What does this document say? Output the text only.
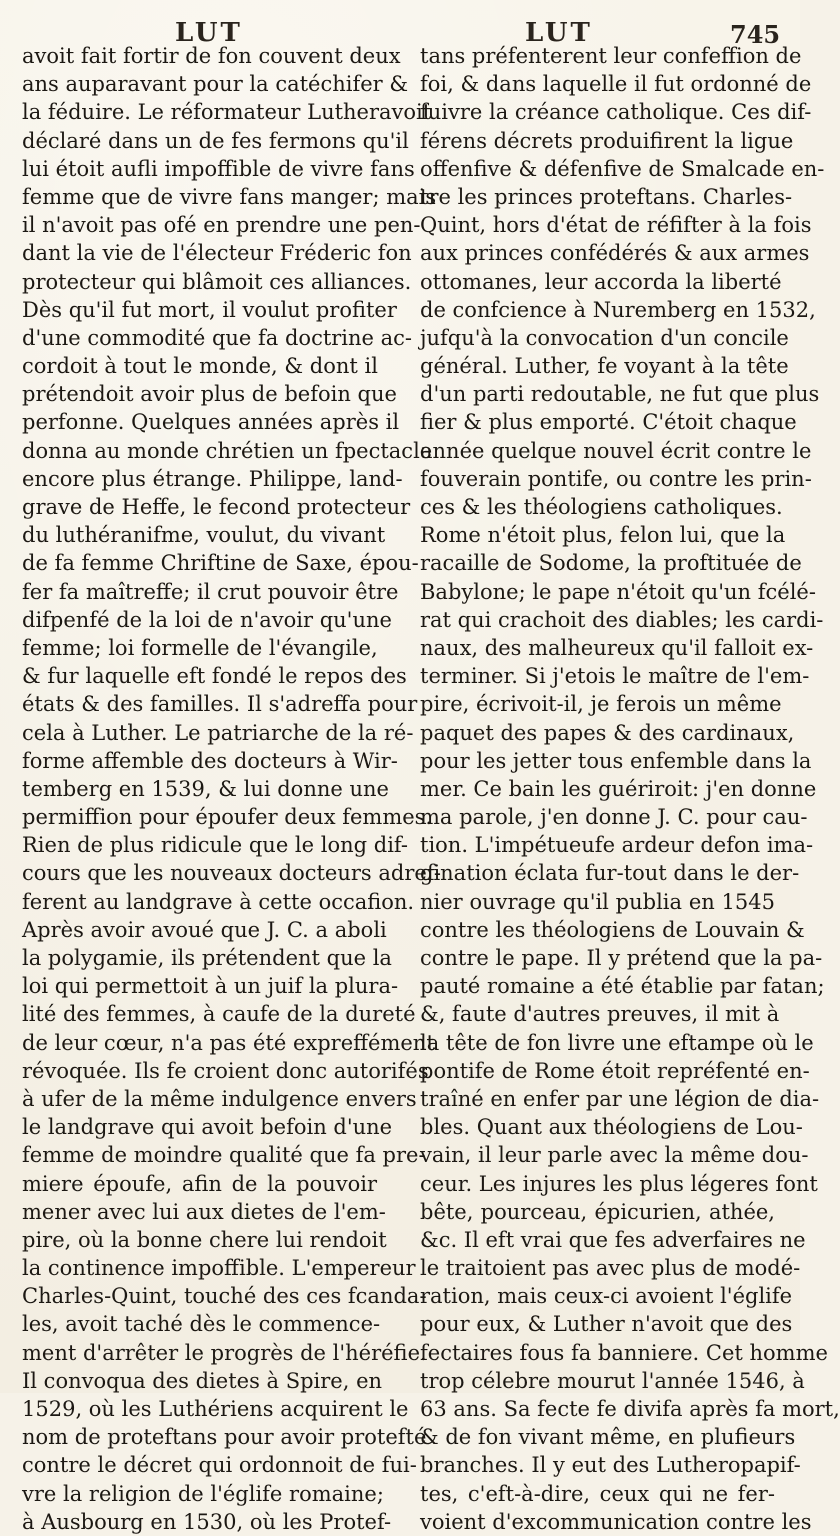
LUT	LUT	745
avoit fait fortir de fon couvent deux
ans auparavant pour la catéchifer &
la féduire. Le réformateur Lutheravoit
déclaré dans un de fes fermons qu'il
lui étoit aufli impoffible de vivre fans
femme que de vivre fans manger; mais
il n'avoit pas ofé en prendre une pen-
dant la vie de l'électeur Fréderic fon
protecteur qui blâmoit ces alliances.
Dès qu'il fut mort, il voulut profiter
d'une commodité que fa doctrine ac-
cordoit à tout le monde, & dont il
prétendoit avoir plus de befoin que
perfonne. Quelques années après il
donna au monde chrétien un fpectacle
encore plus étrange. Philippe, land-
grave de Heffe, le fecond protecteur
du luthéranifme, voulut, du vivant
de fa femme Chriftine de Saxe, épou-
fer fa maîtreffe; il crut pouvoir être
difpenfé de la loi de n'avoir qu'une
femme; loi formelle de l'évangile,
& fur laquelle eft fondé le repos des
états & des familles. Il s'adreffa pour
cela à Luther. Le patriarche de la ré-
forme affemble des docteurs à Wir-
temberg en 1539, & lui donne une
permiffion pour époufer deux femmes.
Rien de plus ridicule que le long dif-
cours que les nouveaux docteurs adref-
ferent au landgrave à cette occafion.
Après avoir avoué que J. C. a aboli
la polygamie, ils prétendent que la
loi qui permettoit à un juif la plura-
lité des femmes, à caufe de la dureté
de leur cœur, n'a pas été expreffément
révoquée. Ils fe croient donc autorifés
à ufer de la même indulgence envers
le landgrave qui avoit befoin d'une
femme de moindre qualité que fa pre-
miere époufe, afin de la pouvoir
mener avec lui aux dietes de l'em-
pire, où la bonne chere lui rendoit
la continence impoffible. L'empereur
Charles-Quint, touché des ces fcanda-
les, avoit taché dès le commence-
ment d'arrêter le progrès de l'héréfie.
Il convoqua des dietes à Spire, en
1529, où les Luthériens acquirent le
nom de proteftans pour avoir protefté
contre le décret qui ordonnoit de fui-
vre la religion de l'églife romaine;
à Ausbourg en 1530, où les Protef-
tans préfenterent leur confeffion de
foi, & dans laquelle il fut ordonné de
fuivre la créance catholique. Ces dif-
férens décrets produifirent la ligue
offenfive & défenfive de Smalcade en-
tre les princes proteftans. Charles-
Quint, hors d'état de réfifter à la fois
aux princes confédérés & aux armes
ottomanes, leur accorda la liberté
de confcience à Nuremberg en 1532,
jufqu'à la convocation d'un concile
général. Luther, fe voyant à la tête
d'un parti redoutable, ne fut que plus
fier & plus emporté. C'étoit chaque
année quelque nouvel écrit contre le
fouverain pontife, ou contre les prin-
ces & les théologiens catholiques.
Rome n'étoit plus, felon lui, que la
racaille de Sodome, la proftituée de
Babylone; le pape n'étoit qu'un fcélé-
rat qui crachoit des diables; les cardi-
naux, des malheureux qu'il falloit ex-
terminer. Si j'etois le maître de l'em-
pire, écrivoit-il, je ferois un même
paquet des papes & des cardinaux,
pour les jetter tous enfemble dans la
mer. Ce bain les guériroit: j'en donne
ma parole, j'en donne J. C. pour cau-
tion. L'impétueufe ardeur defon ima-
gination éclata fur-tout dans le der-
nier ouvrage qu'il publia en 1545
contre les théologiens de Louvain &
contre le pape. Il y prétend que la pa-
pauté romaine a été établie par fatan;
&, faute d'autres preuves, il mit à
la tête de fon livre une eftampe où le
pontife de Rome étoit repréfenté en-
traîné en enfer par une légion de dia-
bles. Quant aux théologiens de Lou-
vain, il leur parle avec la même dou-
ceur. Les injures les plus légeres font
bête, pourceau, épicurien, athée,
&c. Il eft vrai que fes adverfaires ne
le traitoient pas avec plus de modé-
ration, mais ceux-ci avoient l'églife
pour eux, & Luther n'avoit que des
fectaires fous fa banniere. Cet homme
trop célebre mourut l'année 1546, à
63 ans. Sa fecte fe divifa après fa mort,
& de fon vivant même, en plufieurs
branches. Il y eut des Lutheropapif-
tes, c'eft-à-dire, ceux qui ne fer-
voient d'excommunication contre les
